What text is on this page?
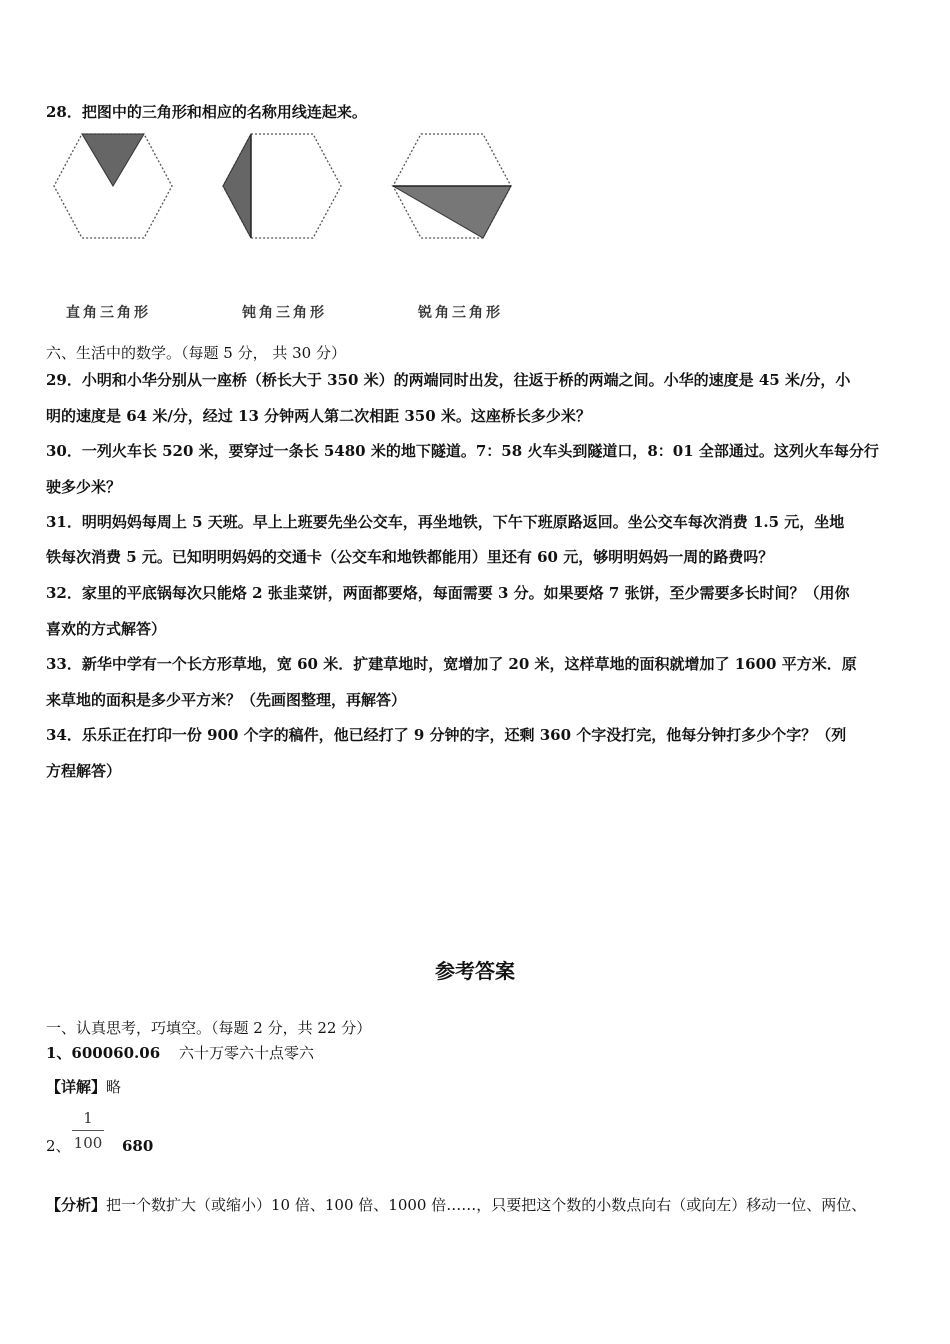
28．把图中的三角形和相应的名称用线连起来。
直角三角形	钝角三角形	锐角三角形
六、生活中的数学。（每题 5 分， 共 30 分）
29．小明和小华分别从一座桥（桥长大于 350 米）的两端同时出发，往返于桥的两端之间。小华的速度是 45 米/分，小
明的速度是 64 米/分，经过 13 分钟两人第二次相距 350 米。这座桥长多少米？
30．一列火车长 520 米，要穿过一条长 5480 米的地下隧道。7：58 火车头到隧道口，8：01 全部通过。这列火车每分行
驶多少米？
31．明明妈妈每周上 5 天班。早上上班要先坐公交车，再坐地铁，下午下班原路返回。坐公交车每次消费 1.5 元，坐地
铁每次消费 5 元。已知明明妈妈的交通卡（公交车和地铁都能用）里还有 60 元，够明明妈妈一周的路费吗？
32．家里的平底锅每次只能烙 2 张韭菜饼，两面都要烙，每面需要 3 分。如果要烙 7 张饼，至少需要多长时间？（用你
喜欢的方式解答）
33．新华中学有一个长方形草地，宽 60 米．扩建草地时，宽增加了 20 米，这样草地的面积就增加了 1600 平方米．原
来草地的面积是多少平方米？（先画图整理，再解答）
34．乐乐正在打印一份 900 个字的稿件，他已经打了 9 分钟的字，还剩 360 个字没打完，他每分钟打多少个字？（列
方程解答）
参考答案
一、认真思考，巧填空。（每题 2 分，共 22 分）
1、600060.06 六十万零六十点零六
【详解】略
2、
1
100 680
【分析】把一个数扩大（或缩小）10 倍、100 倍、1000 倍……，只要把这个数的小数点向右（或向左）移动一位、两位、
